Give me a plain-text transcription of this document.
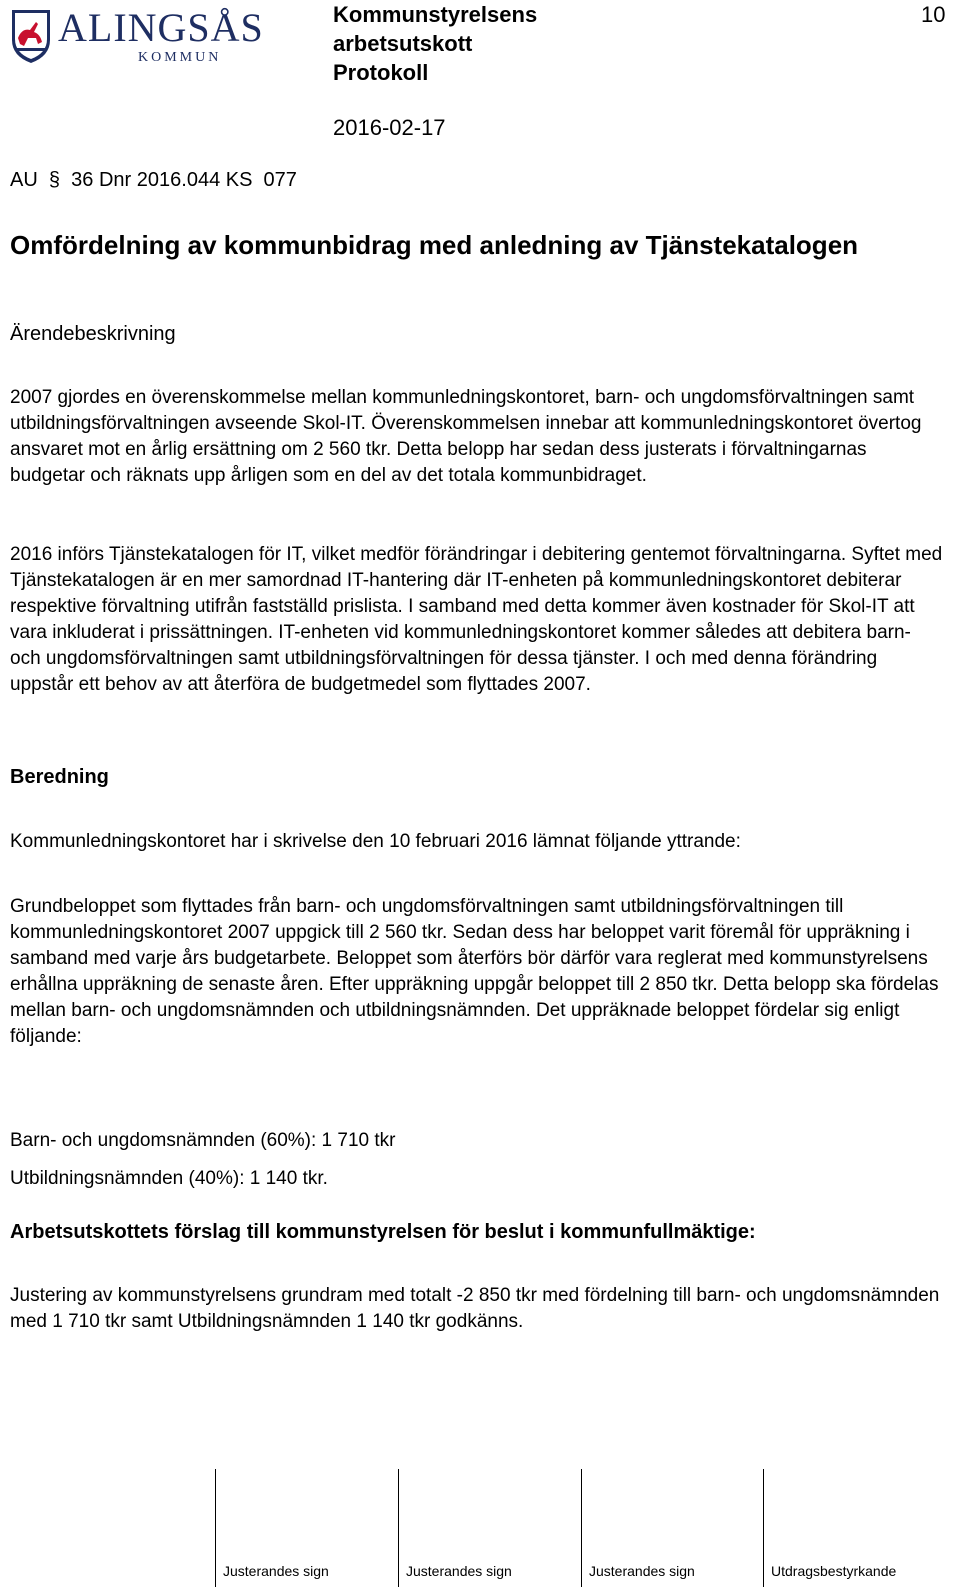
ALINGSÅS
KOMMUN
Kommunstyrelsens
arbetsutskott
Protokoll
10
2016-02-17
AU § 36 Dnr 2016.044 KS  077
Omfördelning av kommunbidrag med anledning av Tjänstekatalogen
Ärendebeskrivning

2007 gjordes en överenskommelse mellan kommunledningskontoret, barn- och ungdomsförvaltningen samt utbildningsförvaltningen avseende Skol-IT. Överenskommelsen innebar att kommunledningskontoret övertog ansvaret mot en årlig ersättning om 2 560 tkr. Detta belopp har sedan dess justerats i förvaltningarnas budgetar och räknats upp årligen som en del av det totala kommunbidraget.

2016 införs Tjänstekatalogen för IT, vilket medför förändringar i debitering gentemot förvaltningarna. Syftet med Tjänstekatalogen är en mer samordnad IT-hantering där IT-enheten på kommunledningskontoret debiterar respektive förvaltning utifrån fastställd prislista. I samband med detta kommer även kostnader för Skol-IT att vara inkluderat i prissättningen. IT-enheten vid kommunledningskontoret kommer således att debitera barn- och ungdomsförvaltningen samt utbildningsförvaltningen för dessa tjänster. I och med denna förändring uppstår ett behov av att återföra de budgetmedel som flyttades 2007.

Beredning

Kommunledningskontoret har i skrivelse den 10 februari 2016 lämnat följande yttrande:

Grundbeloppet som flyttades från barn- och ungdomsförvaltningen samt utbildningsförvaltningen till kommunledningskontoret 2007 uppgick till 2 560 tkr. Sedan dess har beloppet varit föremål för uppräkning i samband med varje års budgetarbete. Beloppet som återförs bör därför vara reglerat med kommunstyrelsens erhållna uppräkning de senaste åren. Efter uppräkning uppgår beloppet till 2 850 tkr. Detta belopp ska fördelas mellan barn- och ungdomsnämnden och utbildningsnämnden. Det uppräknade beloppet fördelar sig enligt följande:

Barn- och ungdomsnämnden (60%): 1 710 tkr

Utbildningsnämnden (40%): 1 140 tkr.

Arbetsutskottets förslag till kommunstyrelsen för beslut i kommunfullmäktige:

Justering av kommunstyrelsens grundram med totalt -2 850 tkr med fördelning till barn- och ungdomsnämnden med 1 710 tkr samt Utbildningsnämnden 1 140 tkr godkänns.

Justerandes sign	Justerandes sign	Justerandes sign	Utdragsbestyrkande
